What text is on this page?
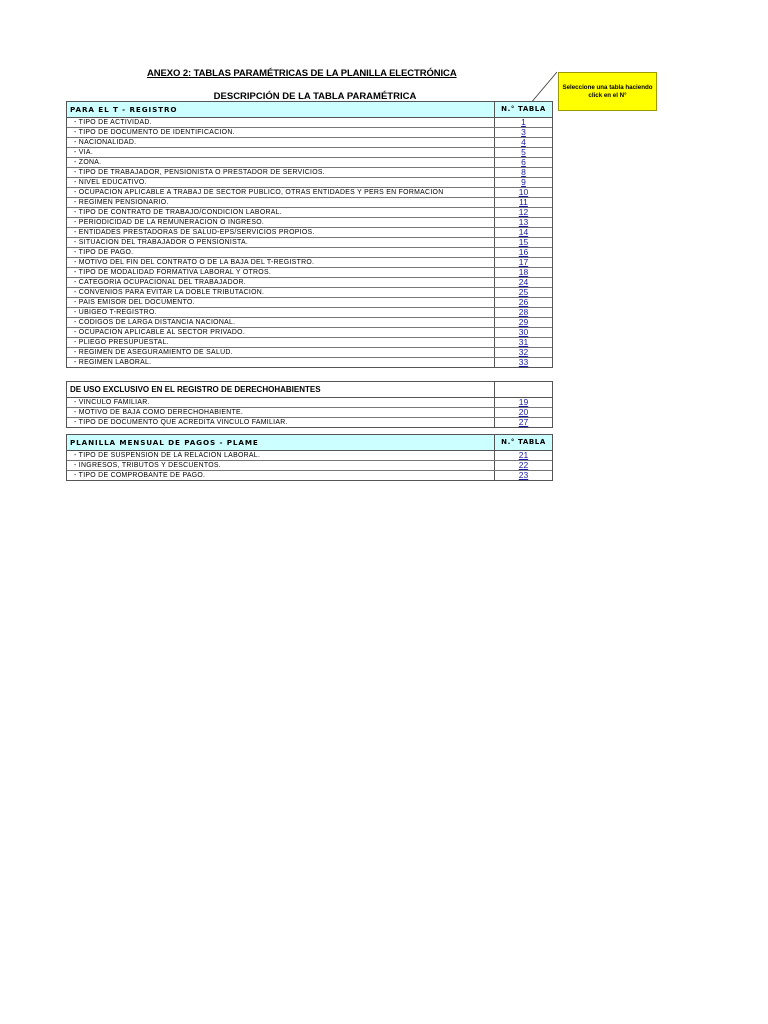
ANEXO 2: TABLAS PARAMÉTRICAS DE LA PLANILLA ELECTRÓNICA
DESCRIPCIÓN DE LA TABLA PARAMÉTRICA
Seleccione una tabla haciendo click en el N°
PARA EL T - REGISTRO	N.° TABLA
- TIPO DE ACTIVIDAD.	1
- TIPO DE DOCUMENTO DE IDENTIFICACION.	3
- NACIONALIDAD.	4
- VIA.	5
- ZONA.	6
- TIPO DE TRABAJADOR, PENSIONISTA O PRESTADOR DE SERVICIOS.	8
- NIVEL EDUCATIVO.	9
- OCUPACION APLICABLE A TRABAJ DE SECTOR PUBLICO, OTRAS ENTIDADES Y PERS EN FORMACION	10
- REGIMEN PENSIONARIO.	11
- TIPO DE CONTRATO DE TRABAJO/CONDICION LABORAL.	12
- PERIODICIDAD DE LA REMUNERACION O INGRESO.	13
- ENTIDADES PRESTADORAS DE SALUD-EPS/SERVICIOS PROPIOS.	14
- SITUACION DEL TRABAJADOR O PENSIONISTA.	15
- TIPO DE PAGO.	16
- MOTIVO DEL FIN DEL CONTRATO O DE LA BAJA DEL T-REGISTRO.	17
- TIPO DE MODALIDAD FORMATIVA LABORAL Y OTROS.	18
- CATEGORIA OCUPACIONAL DEL TRABAJADOR.	24
- CONVENIOS PARA EVITAR LA DOBLE TRIBUTACION.	25
- PAIS EMISOR DEL DOCUMENTO.	26
- UBIGEO T-REGISTRO.	28
- CODIGOS DE LARGA DISTANCIA NACIONAL.	29
- OCUPACION APLICABLE AL SECTOR PRIVADO.	30
- PLIEGO PRESUPUESTAL.	31
- REGIMEN DE ASEGURAMIENTO DE SALUD.	32
- REGIMEN LABORAL.	33
DE USO EXCLUSIVO EN EL REGISTRO DE DERECHOHABIENTES
- VINCULO FAMILIAR.	19
- MOTIVO DE BAJA COMO DERECHOHABIENTE.	20
- TIPO DE DOCUMENTO QUE ACREDITA VINCULO FAMILIAR.	27
PLANILLA MENSUAL DE PAGOS - PLAME	N.° TABLA
- TIPO DE SUSPENSION DE LA RELACION LABORAL.	21
- INGRESOS, TRIBUTOS Y DESCUENTOS.	22
- TIPO DE COMPROBANTE DE PAGO.	23
